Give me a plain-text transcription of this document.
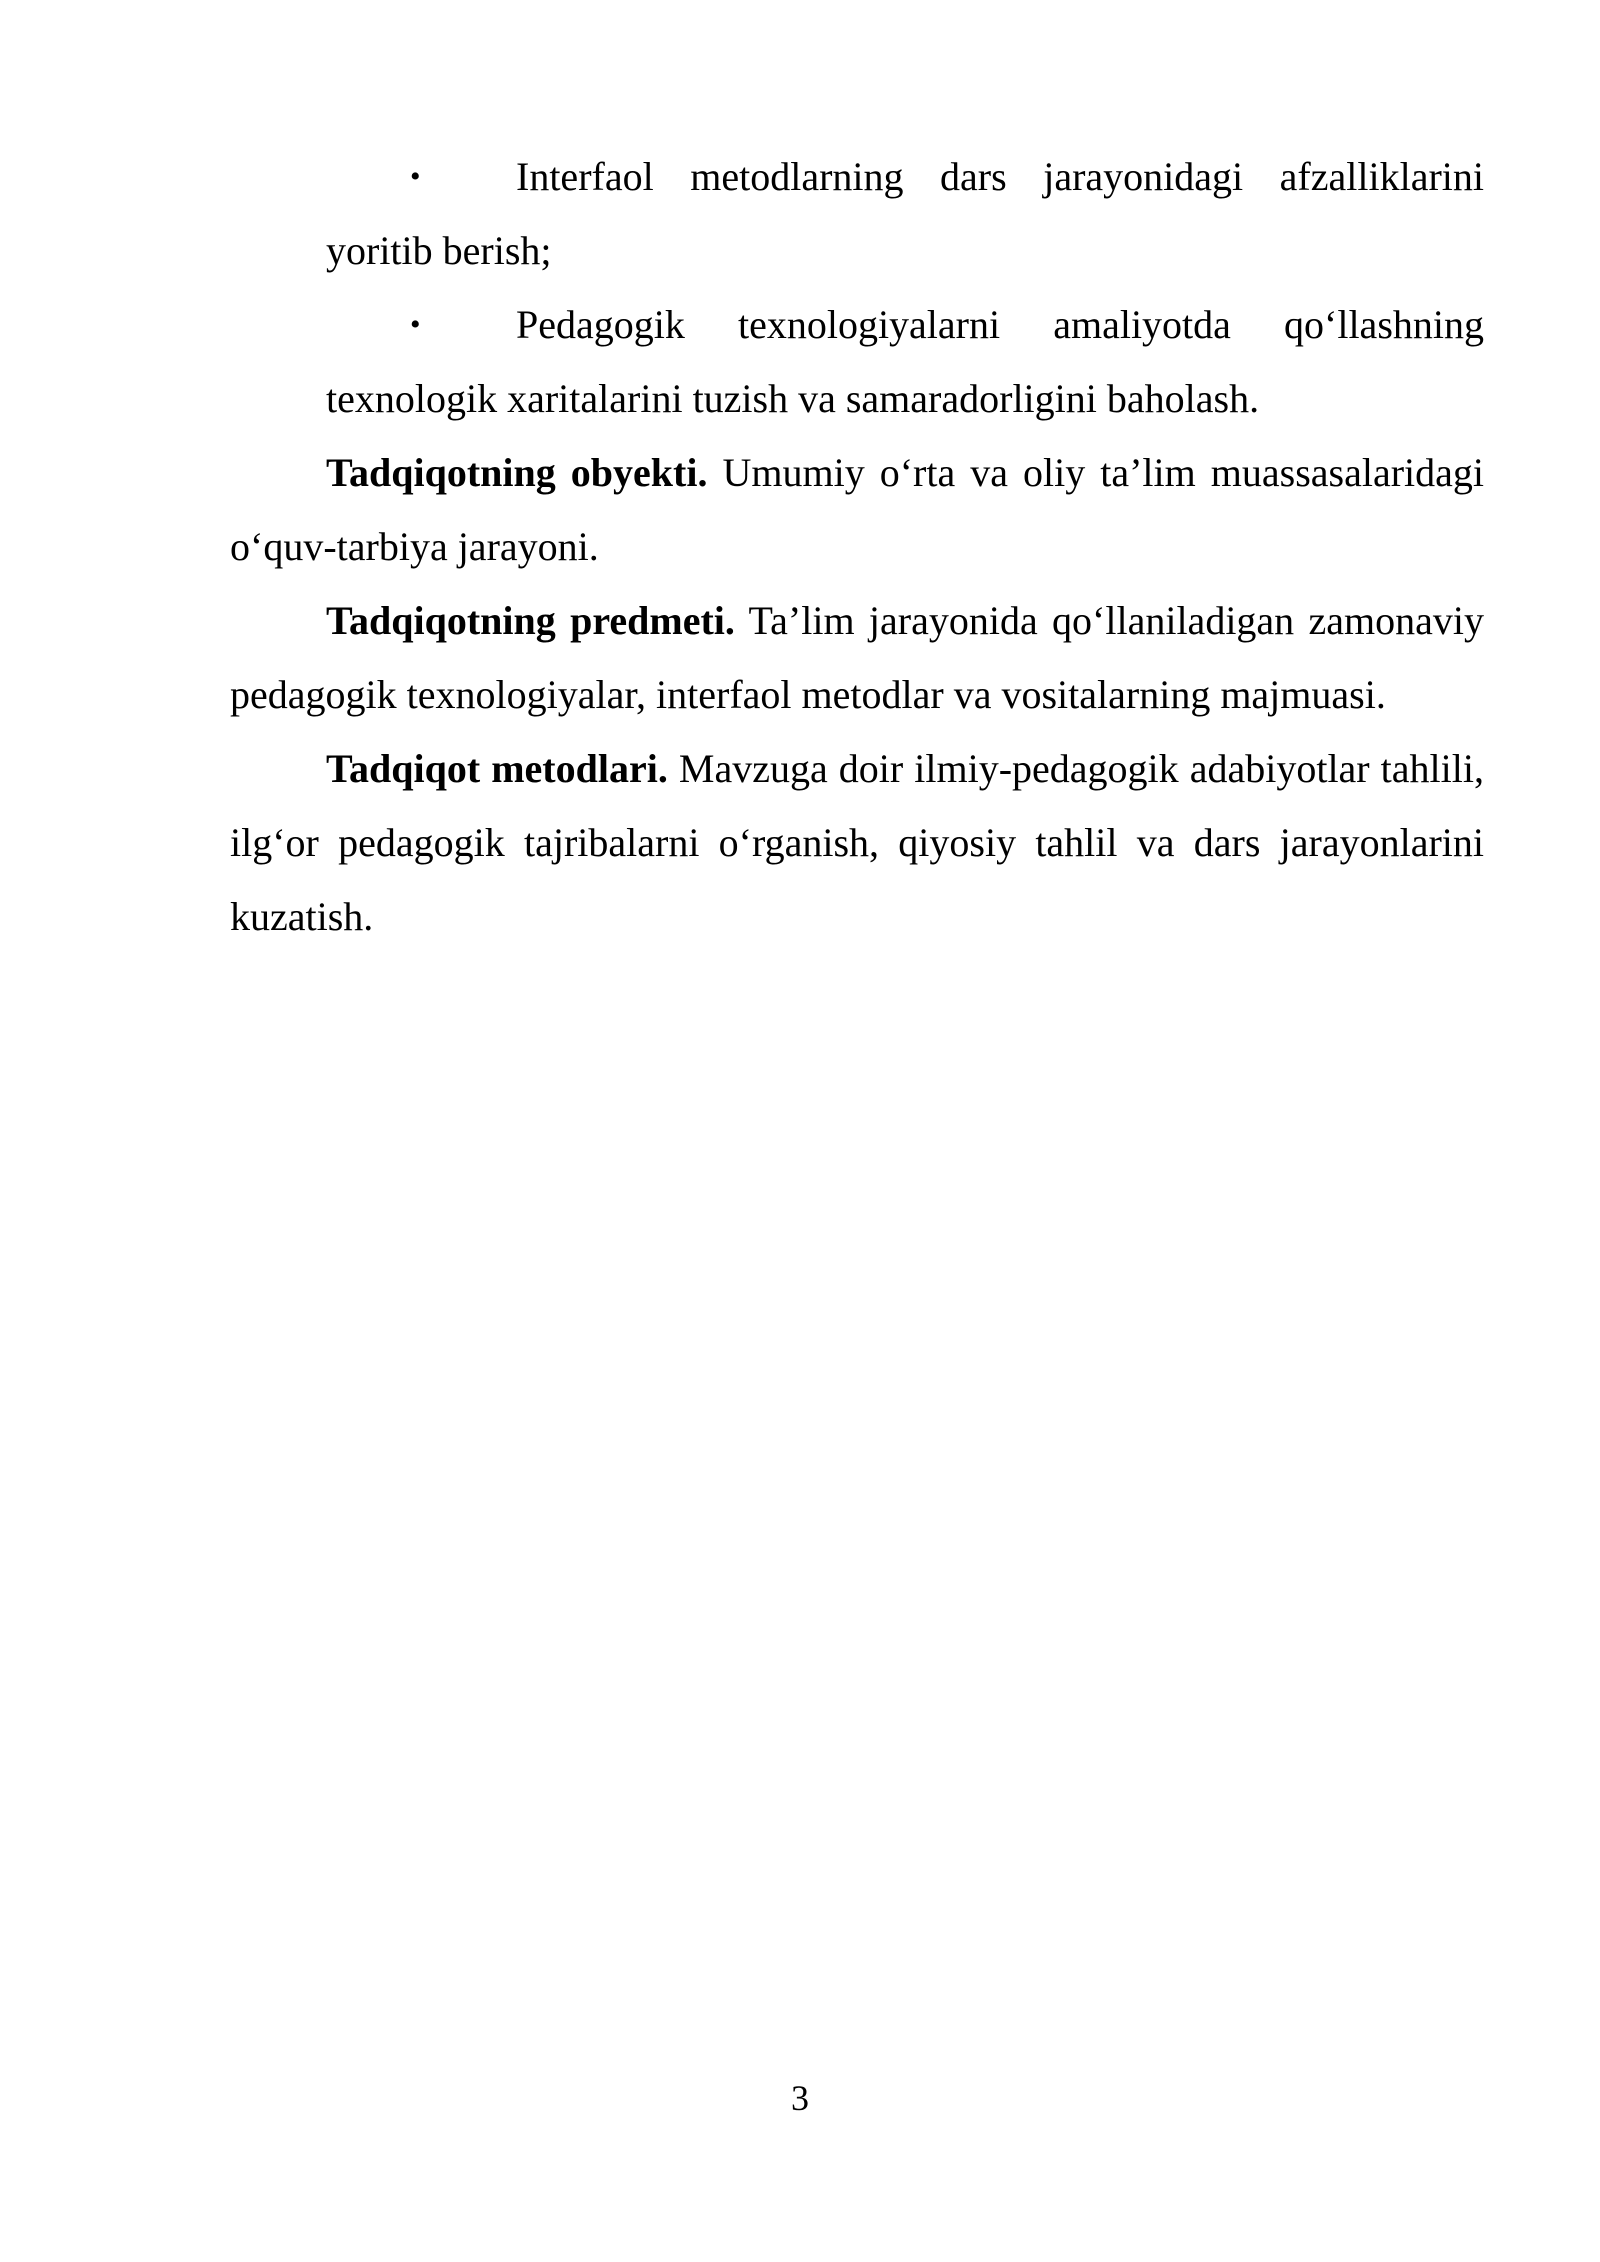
•	Interfaol metodlarning dars jarayonidagi afzalliklarini yoritib berish;

•	Pedagogik texnologiyalarni amaliyotda qo‘llashning texnologik xaritalarini tuzish va samaradorligini baholash.

Tadqiqotning obyekti. Umumiy o‘rta va oliy ta’lim muassasalaridagi o‘quv-tarbiya jarayoni.

Tadqiqotning predmeti. Ta’lim jarayonida qo‘llaniladigan zamonaviy pedagogik texnologiyalar, interfaol metodlar va vositalarning majmuasi.

Tadqiqot metodlari. Mavzuga doir ilmiy-pedagogik adabiyotlar tahlili, ilg‘or pedagogik tajribalarni o‘rganish, qiyosiy tahlil va dars jarayonlarini kuzatish.

3
